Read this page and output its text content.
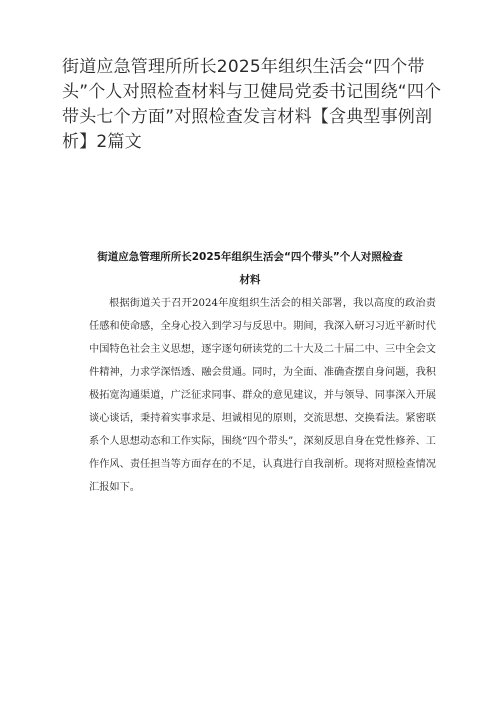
街道应急管理所所长2025年组织生活会“四个带头”个人对照检查材料与卫健局党委书记围绕“四个带头七个方面”对照检查发言材料【含典型事例剖析】2篇文
街道应急管理所所长2025年组织生活会“四个带头”个人对照检查材料

根据街道关于召开2024年度组织生活会的相关部署，我以高度的政治责任感和使命感，全身心投入到学习与反思中。期间，我深入研习习近平新时代中国特色社会主义思想，逐字逐句研读党的二十大及二十届二中、三中全会文件精神，力求学深悟透、融会贯通。同时，为全面、准确查摆自身问题，我积极拓宽沟通渠道，广泛征求同事、群众的意见建议，并与领导、同事深入开展谈心谈话，秉持着实事求是、坦诚相见的原则，交流思想、交换看法。紧密联系个人思想动态和工作实际，围绕“四个带头”，深刻反思自身在党性修养、工作作风、责任担当等方面存在的不足，认真进行自我剖析。现将对照检查情况汇报如下。
